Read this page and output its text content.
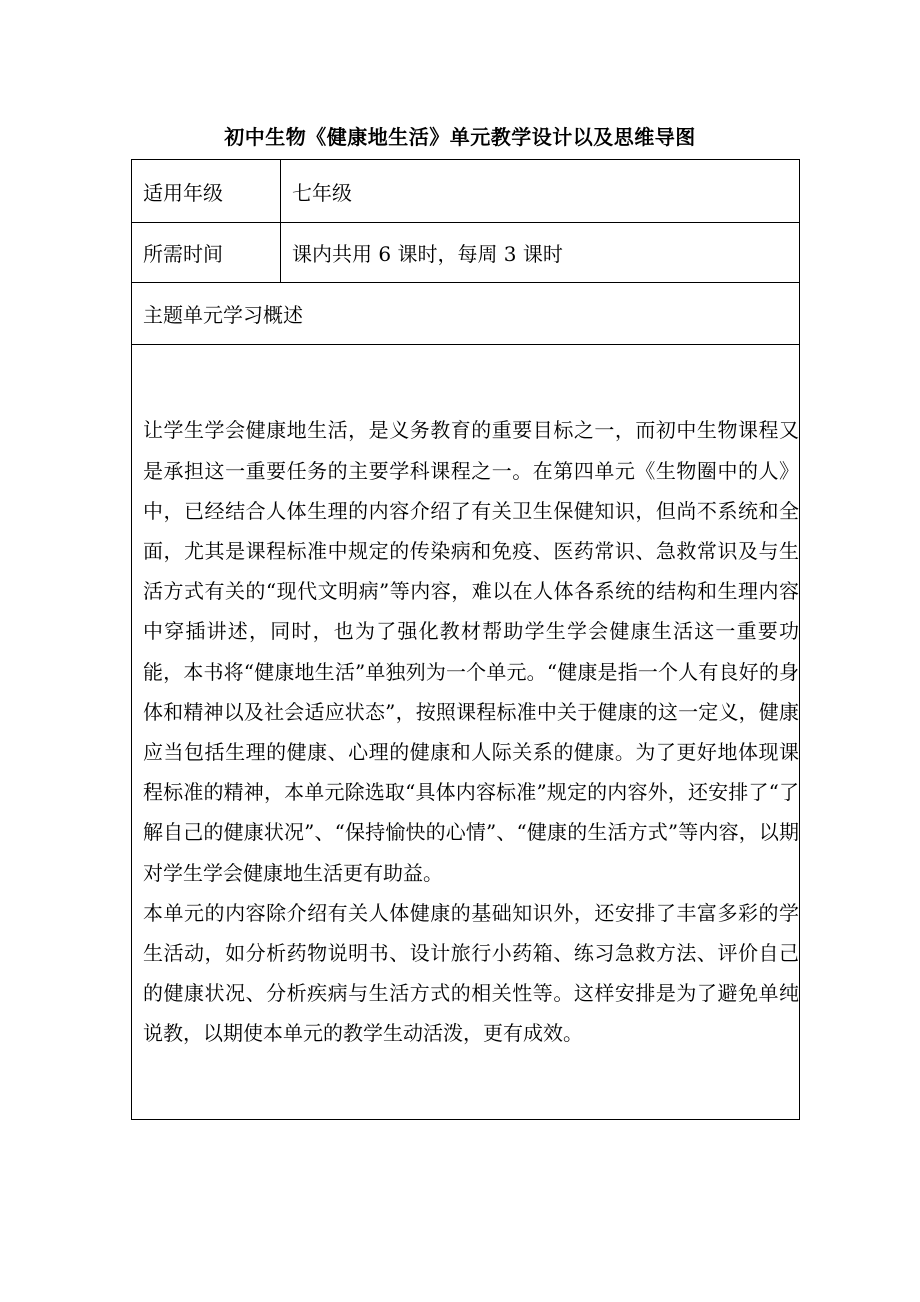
初中生物《健康地生活》单元教学设计以及思维导图
适用年级	七年级
所需时间	课内共用 6 课时，每周 3 课时
主题单元学习概述	

让学生学会健康地生活，是义务教育的重要目标之一，而初中生物课程又是承担这一重要任务的主要学科课程之一。在第四单元《生物圈中的人》中，已经结合人体生理的内容介绍了有关卫生保健知识，但尚不系统和全面，尤其是课程标准中规定的传染病和免疫、医药常识、急救常识及与生活方式有关的“现代文明病”等内容，难以在人体各系统的结构和生理内容中穿插讲述，同时，也为了强化教材帮助学生学会健康生活这一重要功能，本书将“健康地生活”单独列为一个单元。“健康是指一个人有良好的身体和精神以及社会适应状态”，按照课程标准中关于健康的这一定义，健康应当包括生理的健康、心理的健康和人际关系的健康。为了更好地体现课程标准的精神，本单元除选取“具体内容标准”规定的内容外，还安排了“了解自己的健康状况”、“保持愉快的心情”、“健康的生活方式”等内容，以期对学生学会健康地生活更有助益。

本单元的内容除介绍有关人体健康的基础知识外，还安排了丰富多彩的学生活动，如分析药物说明书、设计旅行小药箱、练习急救方法、评价自己的健康状况、分析疾病与生活方式的相关性等。这样安排是为了避免单纯说教，以期使本单元的教学生动活泼，更有成效。	
